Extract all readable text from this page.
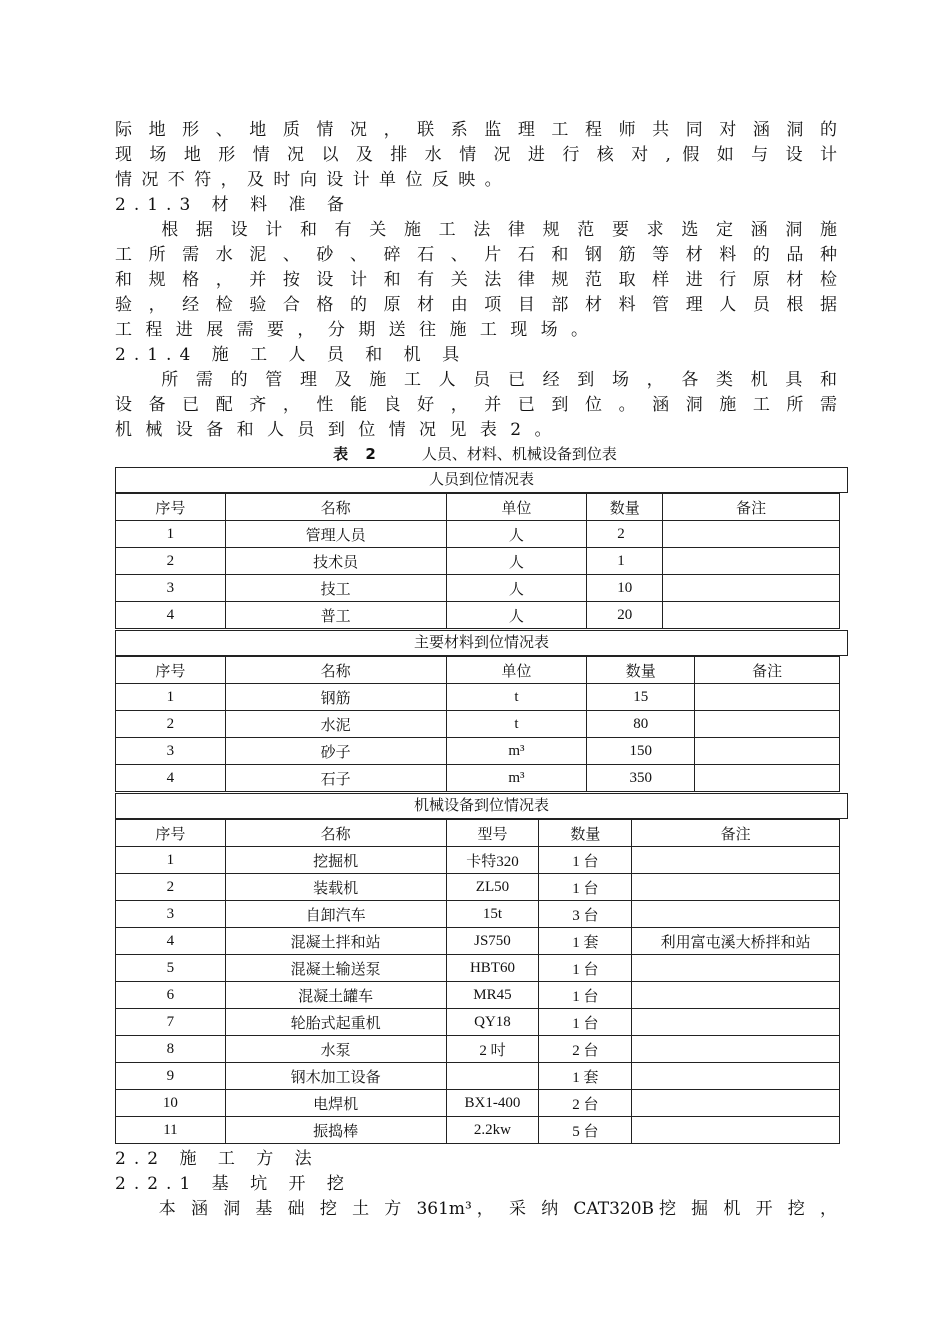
际 地 形 、 地 质 情 况 ， 联 系 监 理 工 程 师 共 同 对 涵 洞 的
现 场 地 形 情 况 以 及 排 水 情 况 进 行 核 对 , 假 如 与 设 计
情 况 不 符 ， 及 时 向 设 计 单 位 反 映 。
2.1.3 材 料 准 备
　　根 据 设 计 和 有 关 施 工 法 律 规 范 要 求 选 定 涵 洞 施
工 所 需 水 泥 、 砂 、 碎 石 、 片 石 和 钢 筋 等 材 料 的 品 种
和 规 格 ， 并 按 设 计 和 有 关 法 律 规 范 取 样 进 行 原 材 检
验 ， 经 检 验 合 格 的 原 材 由 项 目 部 材 料 管 理 人 员 根 据
工 程 进 展 需 要 ， 分 期 送 往 施 工 现 场 。
2.1.4 施 工 人 员 和 机 具
　　所 需 的 管 理 及 施 工 人 员 已 经 到 场 ， 各 类 机 具 和
设 备 已 配 齐 ， 性 能 良 好 ， 并 已 到 位 。 涵 洞 施 工 所 需
机 械 设 备 和 人 员 到 位 情 况 见 表 2 。
表 2	人员、材料、机械设备到位表
人员到位情况表
序号	名称	单位	数量	备注
1	管理人员	人	2	
2	技术员	人	1	
3	技工	人	10	
4	普工	人	20	
主要材料到位情况表
序号	名称	单位	数量	备注
1	钢筋	t	15	
2	水泥	t	80	
3	砂子	m³	150	
4	石子	m³	350	
机械设备到位情况表
序号	名称	型号	数量	备注
1	挖掘机	卡特320	1 台	
2	装载机	ZL50	1 台	
3	自卸汽车	15t	3 台	
4	混凝土拌和站	JS750	1 套	利用富屯溪大桥拌和站
5	混凝土输送泵	HBT60	1 台	
6	混凝土罐车	MR45	1 台	
7	轮胎式起重机	QY18	1 台	
8	水泵	2 吋	2 台	
9	钢木加工设备		1 套	
10	电焊机	BX1-400	2 台	
11	振捣棒	2.2kw	5 台	
2.2 施 工 方 法
2.2.1 基 坑 开 挖
　　本 涵 洞 基 础 挖 土 方 361m³， 采 纳 CAT320B挖 掘 机 开 挖 ，
